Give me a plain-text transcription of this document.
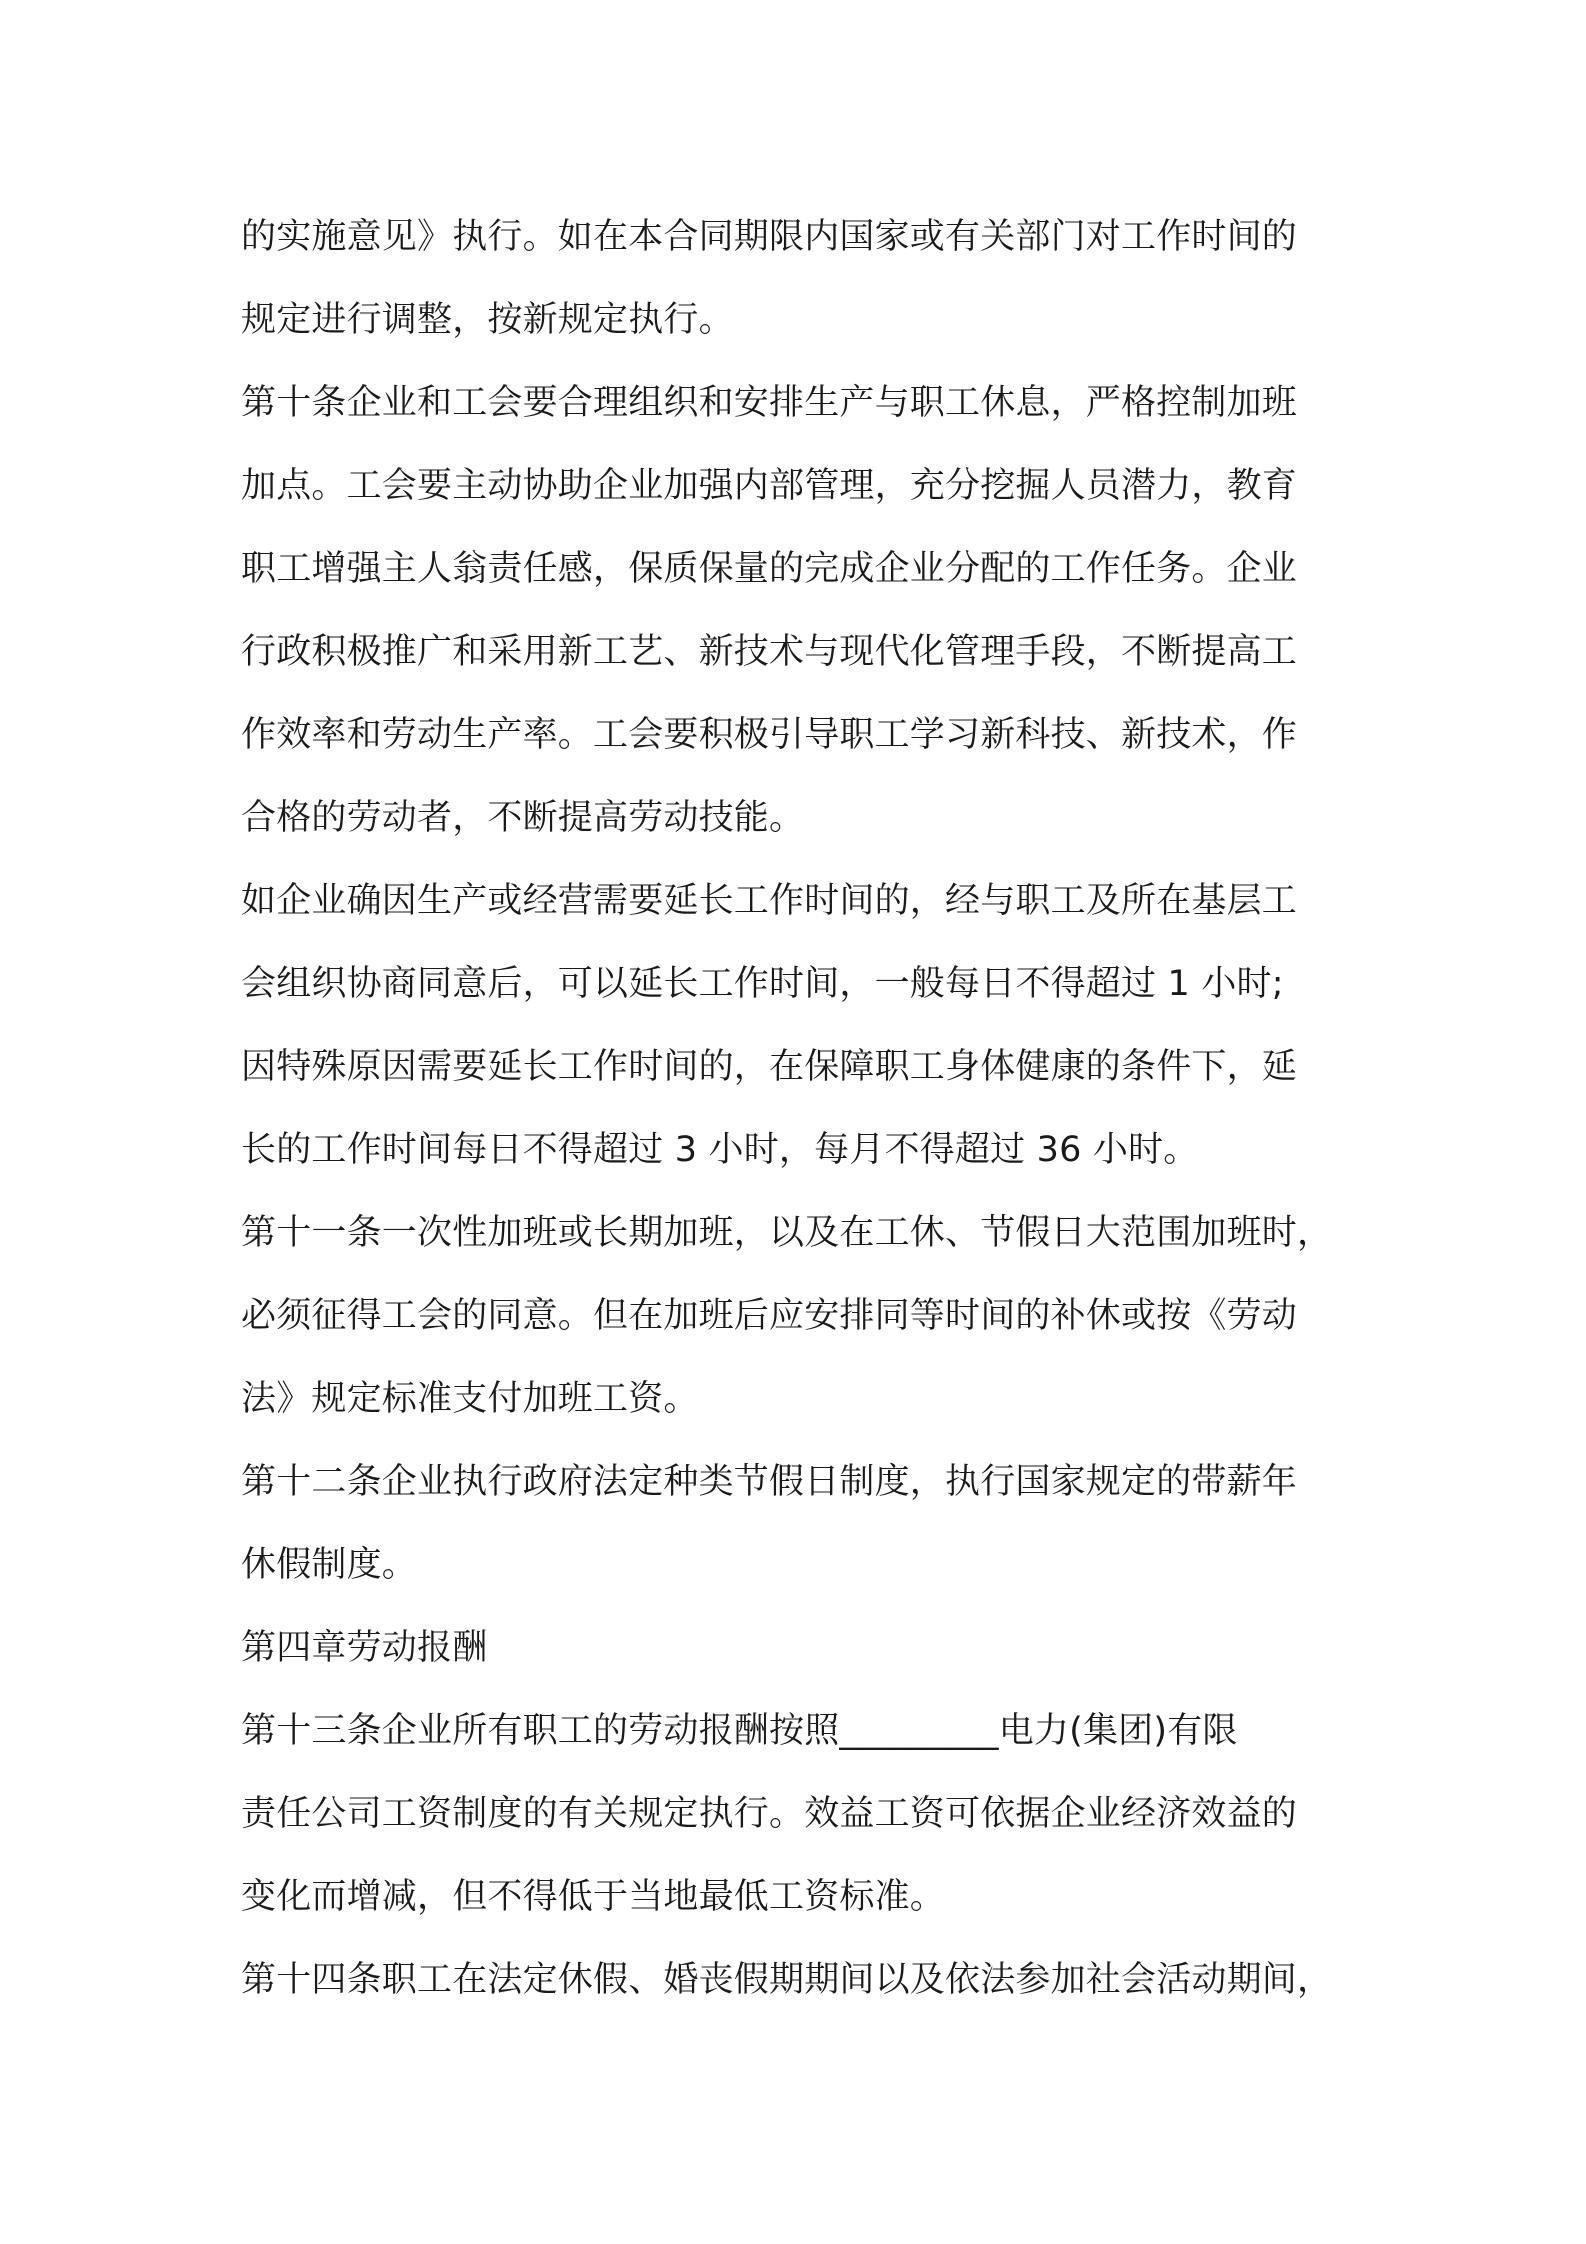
的实施意见》执行。如在本合同期限内国家或有关部门对工作时间的
规定进行调整，按新规定执行。
第十条企业和工会要合理组织和安排生产与职工休息，严格控制加班
加点。工会要主动协助企业加强内部管理，充分挖掘人员潜力，教育
职工增强主人翁责任感，保质保量的完成企业分配的工作任务。企业
行政积极推广和采用新工艺、新技术与现代化管理手段，不断提高工
作效率和劳动生产率。工会要积极引导职工学习新科技、新技术，作
合格的劳动者，不断提高劳动技能。
如企业确因生产或经营需要延长工作时间的，经与职工及所在基层工
会组织协商同意后，可以延长工作时间，一般每日不得超过 1 小时;
因特殊原因需要延长工作时间的，在保障职工身体健康的条件下，延
长的工作时间每日不得超过 3 小时，每月不得超过 36 小时。
第十一条一次性加班或长期加班，以及在工休、节假日大范围加班时，
必须征得工会的同意。但在加班后应安排同等时间的补休或按《劳动
法》规定标准支付加班工资。
第十二条企业执行政府法定种类节假日制度，执行国家规定的带薪年
休假制度。
第四章劳动报酬
第十三条企业所有职工的劳动报酬按照_________电力(集团)有限
责任公司工资制度的有关规定执行。效益工资可依据企业经济效益的
变化而增减，但不得低于当地最低工资标准。
第十四条职工在法定休假、婚丧假期期间以及依法参加社会活动期间，
